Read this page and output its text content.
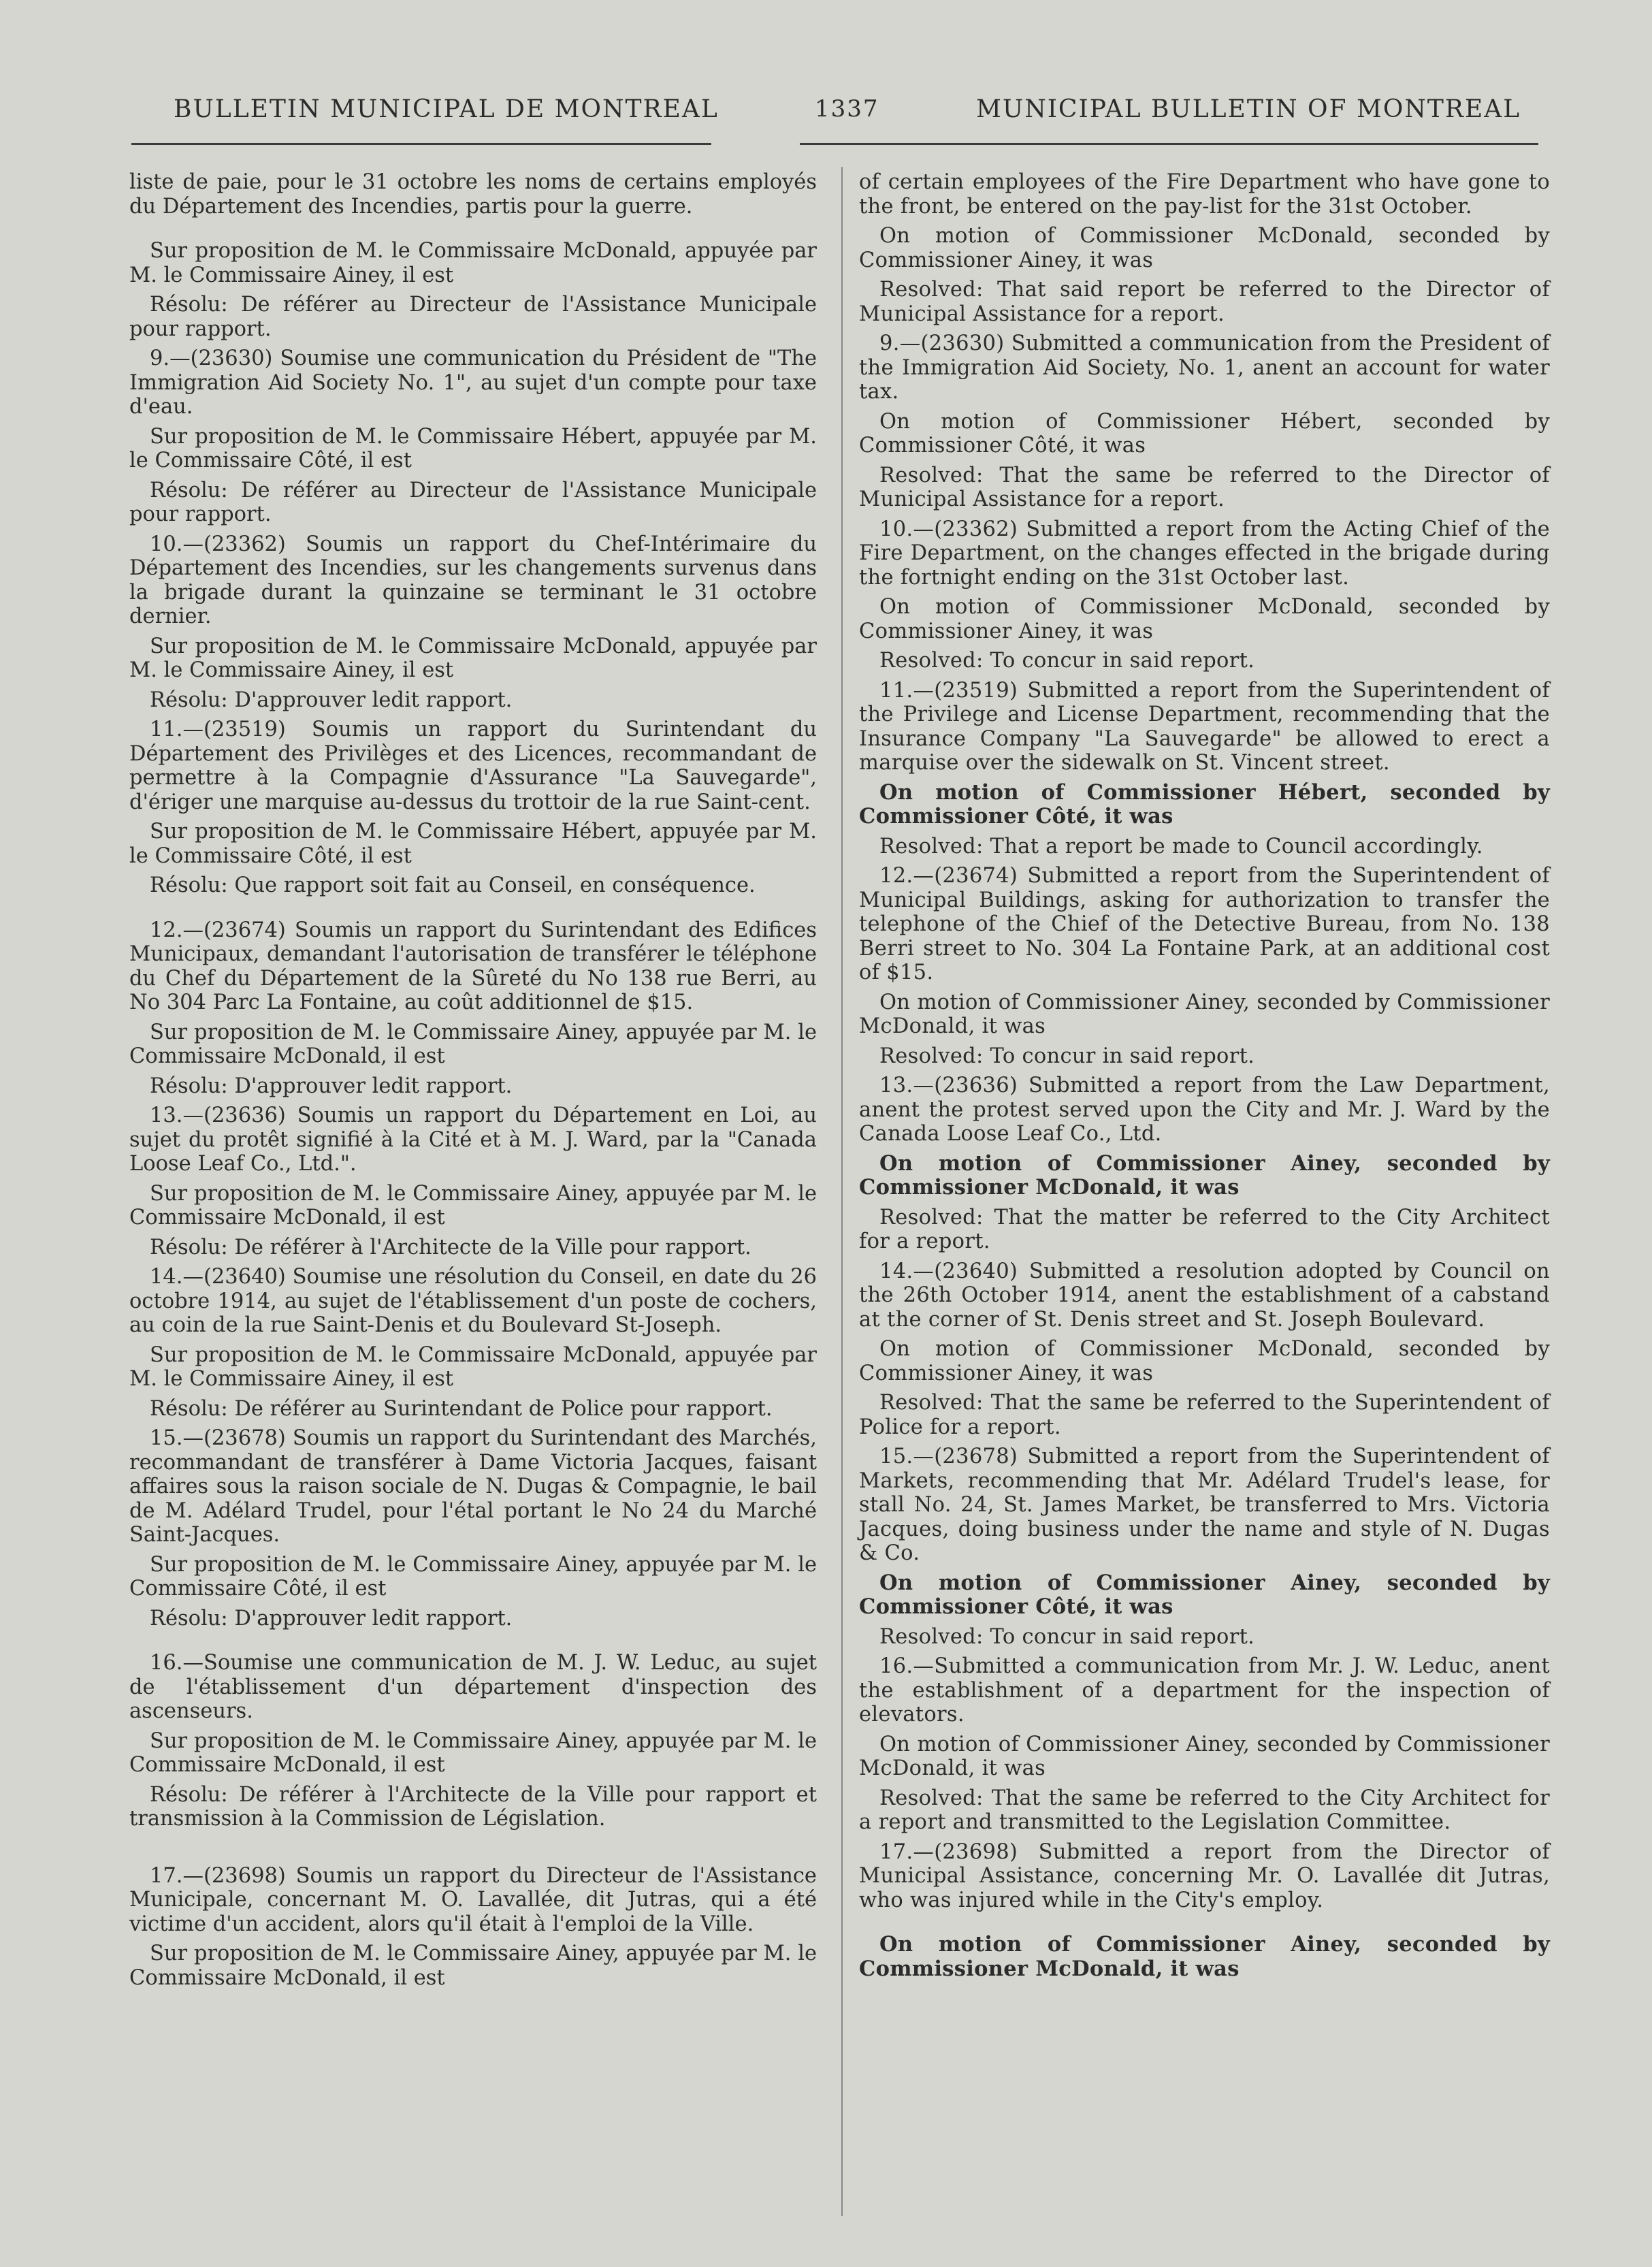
BULLETIN MUNICIPAL DE MONTREAL	1337	MUNICIPAL BULLETIN OF MONTREAL

liste de paie, pour le 31 octobre les noms de certains employés du Département des Incendies, partis pour la guerre.

Sur proposition de M. le Commissaire McDonald, appuyée par M. le Commissaire Ainey, il est

Résolu: De référer au Directeur de l'Assistance Municipale pour rapport.

9.—(23630) Soumise une communication du Président de "The Immigration Aid Society No. 1", au sujet d'un compte pour taxe d'eau.

Sur proposition de M. le Commissaire Hébert, appuyée par M. le Commissaire Côté, il est

Résolu: De référer au Directeur de l'Assistance Municipale pour rapport.

10.—(23362) Soumis un rapport du Chef-Intérimaire du Département des Incendies, sur les changements survenus dans la brigade durant la quinzaine se terminant le 31 octobre dernier.

Sur proposition de M. le Commissaire McDonald, appuyée par M. le Commissaire Ainey, il est

Résolu: D'approuver ledit rapport.

11.—(23519) Soumis un rapport du Surintendant du Département des Privilèges et des Licences, recommandant de permettre à la Compagnie d'Assurance "La Sauvegarde", d'ériger une marquise au-dessus du trottoir de la rue Saint-cent.

Sur proposition de M. le Commissaire Hébert, appuyée par M. le Commissaire Côté, il est

Résolu: Que rapport soit fait au Conseil, en conséquence.

12.—(23674) Soumis un rapport du Surintendant des Edifices Municipaux, demandant l'autorisation de transférer le téléphone du Chef du Département de la Sûreté du No 138 rue Berri, au No 304 Parc La Fontaine, au coût additionnel de $15.

Sur proposition de M. le Commissaire Ainey, appuyée par M. le Commissaire McDonald, il est

Résolu: D'approuver ledit rapport.

13.—(23636) Soumis un rapport du Département en Loi, au sujet du protêt signifié à la Cité et à M. J. Ward, par la "Canada Loose Leaf Co., Ltd.".

Sur proposition de M. le Commissaire Ainey, appuyée par M. le Commissaire McDonald, il est

Résolu: De référer à l'Architecte de la Ville pour rapport.

14.—(23640) Soumise une résolution du Conseil, en date du 26 octobre 1914, au sujet de l'établissement d'un poste de cochers, au coin de la rue Saint-Denis et du Boulevard St-Joseph.

Sur proposition de M. le Commissaire McDonald, appuyée par M. le Commissaire Ainey, il est

Résolu: De référer au Surintendant de Police pour rapport.

15.—(23678) Soumis un rapport du Surintendant des Marchés, recommandant de transférer à Dame Victoria Jacques, faisant affaires sous la raison sociale de N. Dugas & Compagnie, le bail de M. Adélard Trudel, pour l'étal portant le No 24 du Marché Saint-Jacques.

Sur proposition de M. le Commissaire Ainey, appuyée par M. le Commissaire Côté, il est

Résolu: D'approuver ledit rapport.

16.—Soumise une communication de M. J. W. Leduc, au sujet de l'établissement d'un département d'inspection des ascenseurs.

Sur proposition de M. le Commissaire Ainey, appuyée par M. le Commissaire McDonald, il est

Résolu: De référer à l'Architecte de la Ville pour rapport et transmission à la Commission de Législation.

17.—(23698) Soumis un rapport du Directeur de l'Assistance Municipale, concernant M. O. Lavallée, dit Jutras, qui a été victime d'un accident, alors qu'il était à l'emploi de la Ville.

Sur proposition de M. le Commissaire Ainey, appuyée par M. le Commissaire McDonald, il est

of certain employees of the Fire Department who have gone to the front, be entered on the pay-list for the 31st October.

On motion of Commissioner McDonald, seconded by Commissioner Ainey, it was

Resolved: That said report be referred to the Director of Municipal Assistance for a report.

9.—(23630) Submitted a communication from the President of the Immigration Aid Society, No. 1, anent an account for water tax.

On motion of Commissioner Hébert, seconded by Commissioner Côté, it was

Resolved: That the same be referred to the Director of Municipal Assistance for a report.

10.—(23362) Submitted a report from the Acting Chief of the Fire Department, on the changes effected in the brigade during the fortnight ending on the 31st October last.

On motion of Commissioner McDonald, seconded by Commissioner Ainey, it was

Resolved: To concur in said report.

11.—(23519) Submitted a report from the Superintendent of the Privilege and License Department, recommending that the Insurance Company "La Sauvegarde" be allowed to erect a marquise over the sidewalk on St. Vincent street.

On motion of Commissioner Hébert, seconded by Commissioner Côté, it was

Resolved: That a report be made to Council accordingly.

12.—(23674) Submitted a report from the Superintendent of Municipal Buildings, asking for authorization to transfer the telephone of the Chief of the Detective Bureau, from No. 138 Berri street to No. 304 La Fontaine Park, at an additional cost of $15.

On motion of Commissioner Ainey, seconded by Commissioner McDonald, it was

Resolved: To concur in said report.

13.—(23636) Submitted a report from the Law Department, anent the protest served upon the City and Mr. J. Ward by the Canada Loose Leaf Co., Ltd.

On motion of Commissioner Ainey, seconded by Commissioner McDonald, it was

Resolved: That the matter be referred to the City Architect for a report.

14.—(23640) Submitted a resolution adopted by Council on the 26th October 1914, anent the establishment of a cabstand at the corner of St. Denis street and St. Joseph Boulevard.

On motion of Commissioner McDonald, seconded by Commissioner Ainey, it was

Resolved: That the same be referred to the Superintendent of Police for a report.

15.—(23678) Submitted a report from the Superintendent of Markets, recommending that Mr. Adélard Trudel's lease, for stall No. 24, St. James Market, be transferred to Mrs. Victoria Jacques, doing business under the name and style of N. Dugas & Co.

On motion of Commissioner Ainey, seconded by Commissioner Côté, it was

Resolved: To concur in said report.

16.—Submitted a communication from Mr. J. W. Leduc, anent the establishment of a department for the inspection of elevators.

On motion of Commissioner Ainey, seconded by Commissioner McDonald, it was

Resolved: That the same be referred to the City Architect for a report and transmitted to the Legislation Committee.

17.—(23698) Submitted a report from the Director of Municipal Assistance, concerning Mr. O. Lavallée dit Jutras, who was injured while in the City's employ.

On motion of Commissioner Ainey, seconded by Commissioner McDonald, it was
